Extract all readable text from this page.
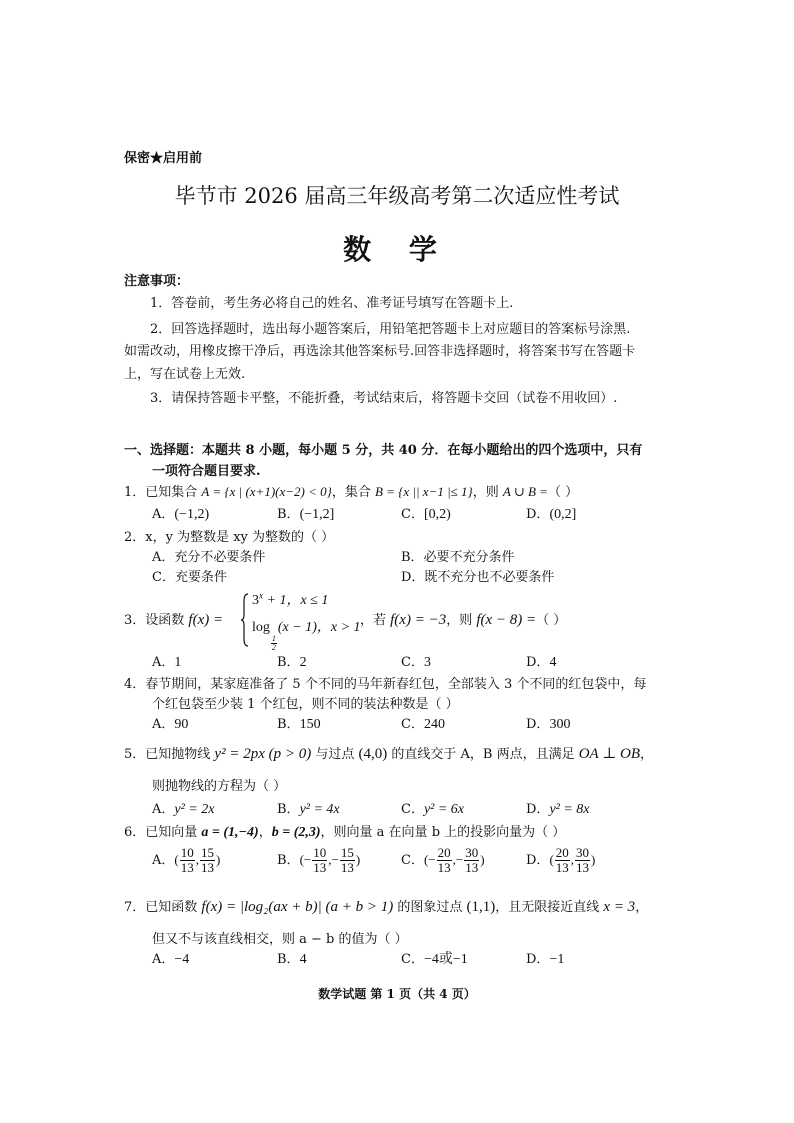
保密★启用前
毕节市 2026 届高三年级高考第二次适应性考试
数 学
注意事项：
1．答卷前，考生务必将自己的姓名、准考证号填写在答题卡上.
2．回答选择题时，选出每小题答案后，用铅笔把答题卡上对应题目的答案标号涂黑.
如需改动，用橡皮擦干净后，再选涂其他答案标号.回答非选择题时，将答案书写在答题卡
上，写在试卷上无效.
3．请保持答题卡平整，不能折叠，考试结束后，将答题卡交回（试卷不用收回）.
一、选择题：本题共 8 小题，每小题 5 分，共 40 分．在每小题给出的四个选项中，只有
一项符合题目要求.
1．已知集合 A = {x | (x+1)(x−2) < 0}，集合 B = {x || x−1 |≤ 1}，则 A ∪ B =（ ）
A．(−1,2)	B．(−1,2]	C．[0,2)	D．(0,2]
2．x，y 为整数是 xy 为整数的（ ）
A．充分不必要条件	B．必要不充分条件
C．充要条件	D．既不充分也不必要条件
3．设函数 f(x) =
$3^x + 1$，x ≤ 1
log
$\frac{1}{2}$
(x − 1)，x > 1 ，若 f(x) = −3，则 f(x − 8) =（ ）
A．1	B．2	C．3	D．4
4．春节期间，某家庭准备了 5 个不同的马年新春红包，全部装入 3 个不同的红包袋中，每
个红包袋至少装 1 个红包，则不同的装法种数是（ ）
A．90	B．150	C．240	D．300
5．已知抛物线 y² = 2px (p > 0) 与过点 (4,0) 的直线交于 A，B 两点，且满足 OA ⊥ OB，
则抛物线的方程为（ ）
A．y² = 2x	B．y² = 4x	C．y² = 6x	D．y² = 8x
6．已知向量 a = (1,−4)，b = (2,3)，则向量 a 在向量 b 上的投影向量为（ ）
A．( $\frac{10}{13}$ , $\frac{15}{13}$ )	B．(− $\frac{10}{13}$ ,− $\frac{15}{13}$ )	C．(− $\frac{20}{13}$ ,− $\frac{30}{13}$ )	D．( $\frac{20}{13}$ , $\frac{30}{13}$ )
7．已知函数 f(x) = |log₂(ax + b)| (a + b > 1) 的图象过点 (1,1)，且无限接近直线 x = 3，
但又不与该直线相交，则 a − b 的值为（ ）
A．−4	B．4	C．−4或−1	D．−1
数学试题 第 1 页（共 4 页）
